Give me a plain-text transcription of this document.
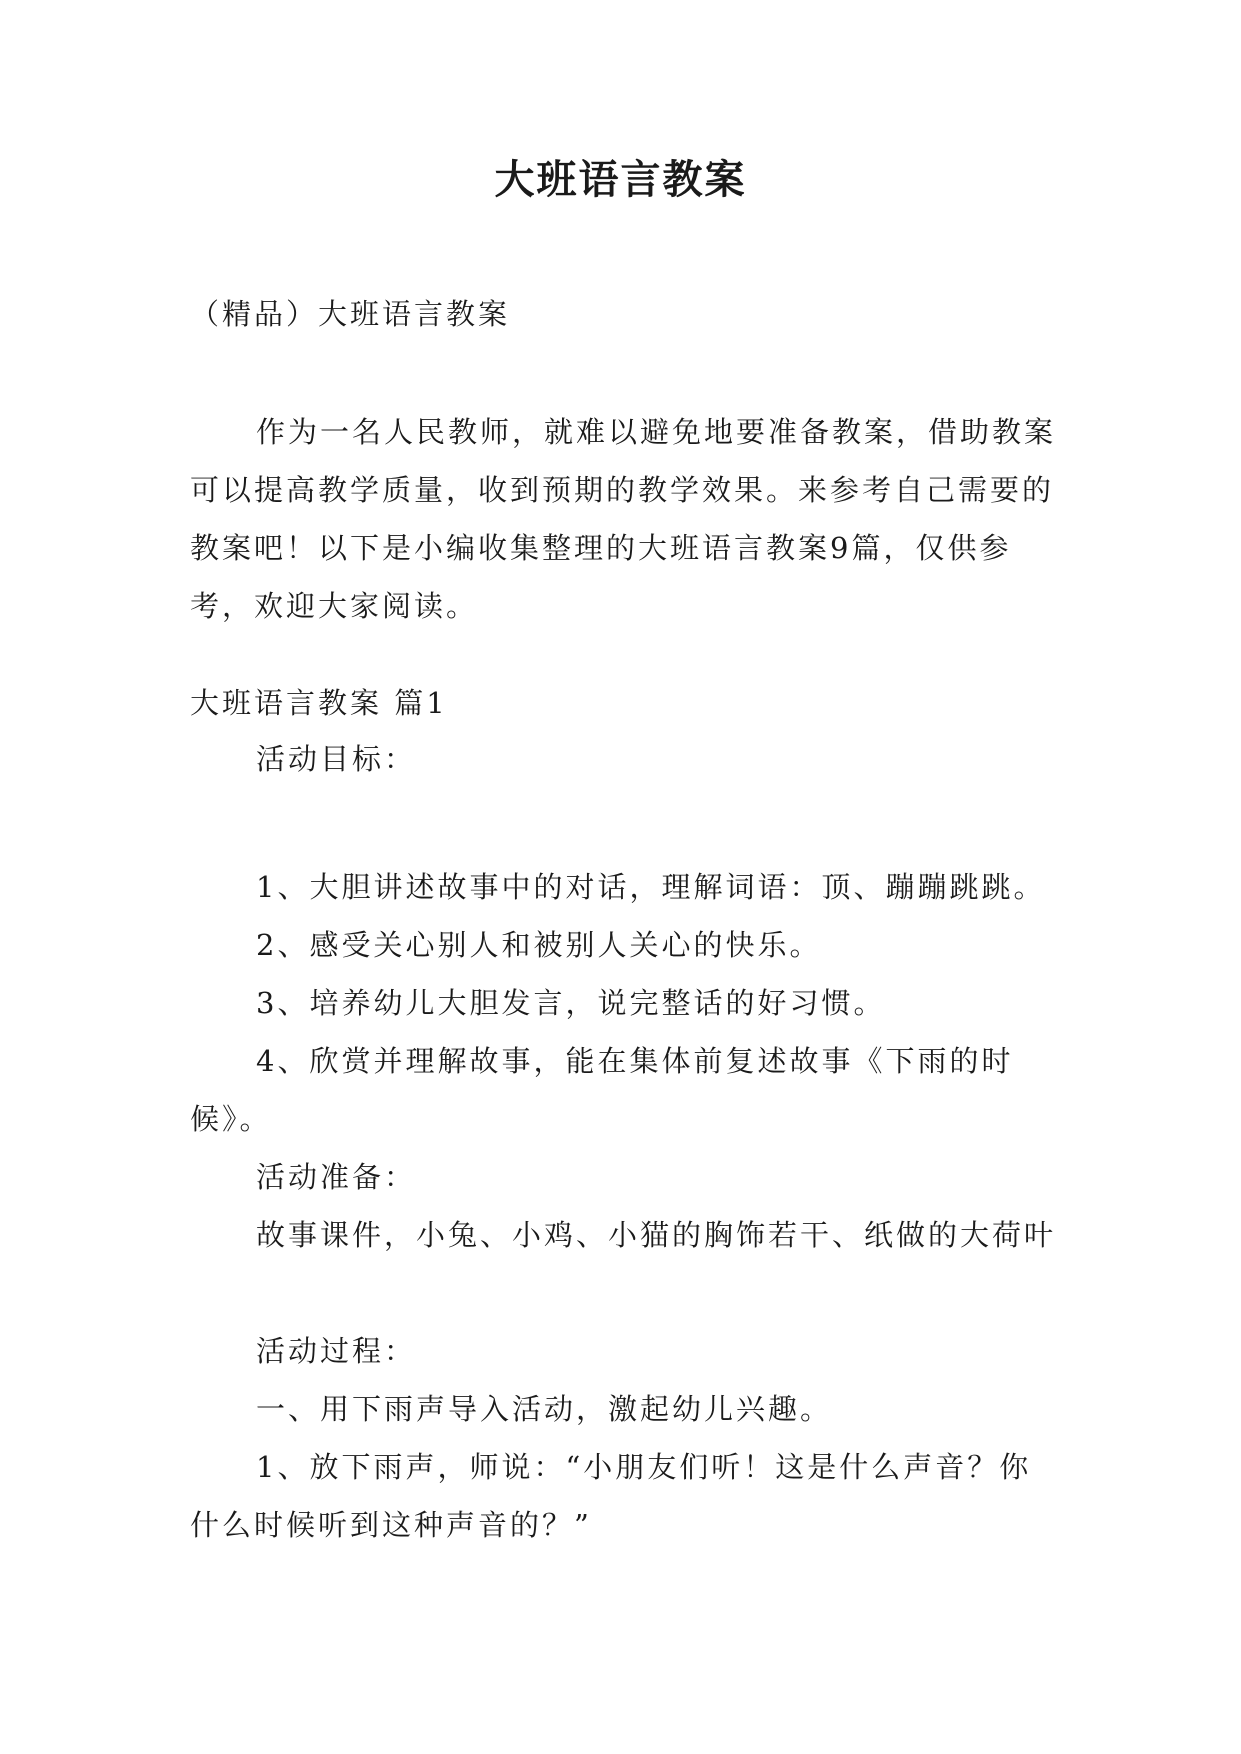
大班语言教案

（精品）大班语言教案

作为一名人民教师，就难以避免地要准备教案，借助教案可以提高教学质量，收到预期的教学效果。来参考自己需要的教案吧！以下是小编收集整理的大班语言教案9篇，仅供参考，欢迎大家阅读。

大班语言教案 篇1

活动目标：

1、大胆讲述故事中的对话，理解词语：顶、蹦蹦跳跳。

2、感受关心别人和被别人关心的快乐。

3、培养幼儿大胆发言，说完整话的好习惯。

4、欣赏并理解故事，能在集体前复述故事《下雨的时候》。

活动准备：

故事课件，小兔、小鸡、小猫的胸饰若干、纸做的大荷叶

活动过程：

一、用下雨声导入活动，激起幼儿兴趣。

1、放下雨声，师说：“小朋友们听！这是什么声音？你什么时候听到这种声音的？”
